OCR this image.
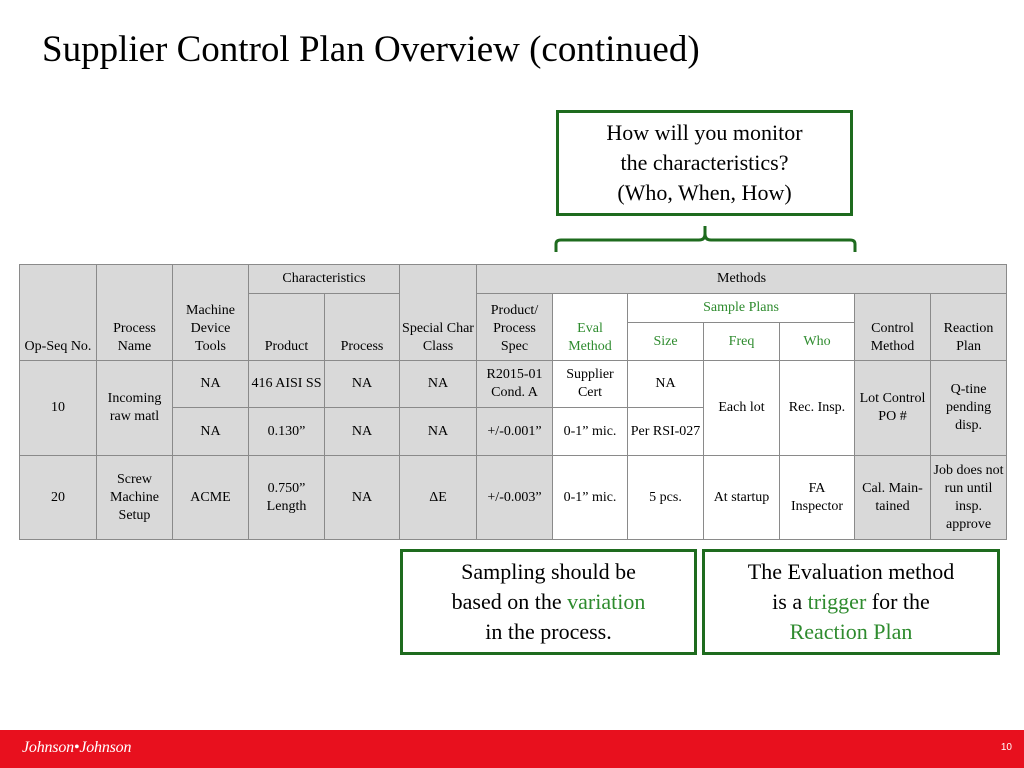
Supplier Control Plan Overview (continued)
How will you monitor
the characteristics?
(Who, When, How)
Op-Seq No.	Process Name	Machine Device Tools	Characteristics		Special Char Class	Methods						
			Product	Process		Product/ Process Spec	Eval Method	Sample Plans			Control Method	Reaction Plan
								Size	Freq	Who		
10	Incoming raw matl	NA	416 AISI SS	NA	NA	R2015-01 Cond. A	Supplier Cert	NA	Each lot	Rec. Insp.	Lot Control PO #	Q-tine pending disp.
		NA	0.130”	NA	NA	+/-0.001”	0-1” mic.	Per RSI-027				
20	Screw Machine Setup	ACME	0.750” Length	NA	ΔE	+/-0.003”	0-1” mic.	5 pcs.	At startup	FA Inspector	Cal. Main-tained	Job does not run until insp. approve
Sampling should be
based on the variation
in the process.
The Evaluation method
is a trigger for the
Reaction Plan
Johnson•Johnson	10
